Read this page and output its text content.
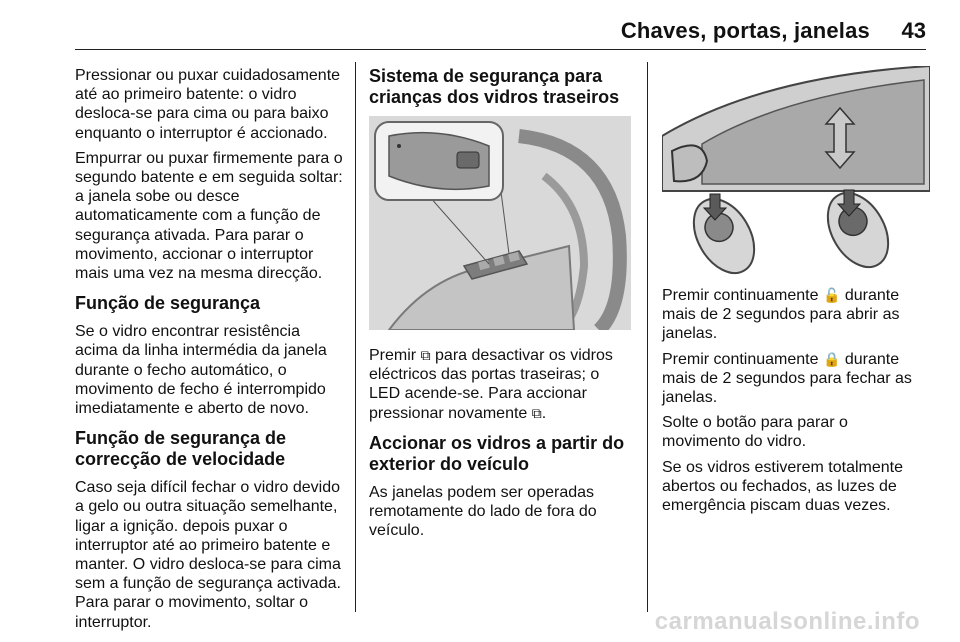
Chaves, portas, janelas 43

Pressionar ou puxar cuidadosamente até ao primeiro batente: o vidro desloca-se para cima ou para baixo enquanto o interruptor é accionado.

Empurrar ou puxar firmemente para o segundo batente e em seguida soltar: a janela sobe ou desce automaticamente com a função de segurança ativada. Para parar o movimento, accionar o interruptor mais uma vez na mesma direcção.

Função de segurança

Se o vidro encontrar resistência acima da linha intermédia da janela durante o fecho automático, o movimento de fecho é interrompido imediatamente e aberto de novo.

Função de segurança de correcção de velocidade

Caso seja difícil fechar o vidro devido a gelo ou outra situação semelhante, ligar a ignição. depois puxar o interruptor até ao primeiro batente e manter. O vidro desloca-se para cima sem a função de segurança activada. Para parar o movimento, soltar o interruptor.

Sistema de segurança para crianças dos vidros traseiros

Premir ⧉ para desactivar os vidros eléctricos das portas traseiras; o LED acende-se. Para accionar pressionar novamente ⧉.

Accionar os vidros a partir do exterior do veículo

As janelas podem ser operadas remotamente do lado de fora do veículo.

Premir continuamente 🔓 durante mais de 2 segundos para abrir as janelas.

Premir continuamente 🔒 durante mais de 2 segundos para fechar as janelas.

Solte o botão para parar o movimento do vidro.

Se os vidros estiverem totalmente abertos ou fechados, as luzes de emergência piscam duas vezes.

carmanualsonline.info
